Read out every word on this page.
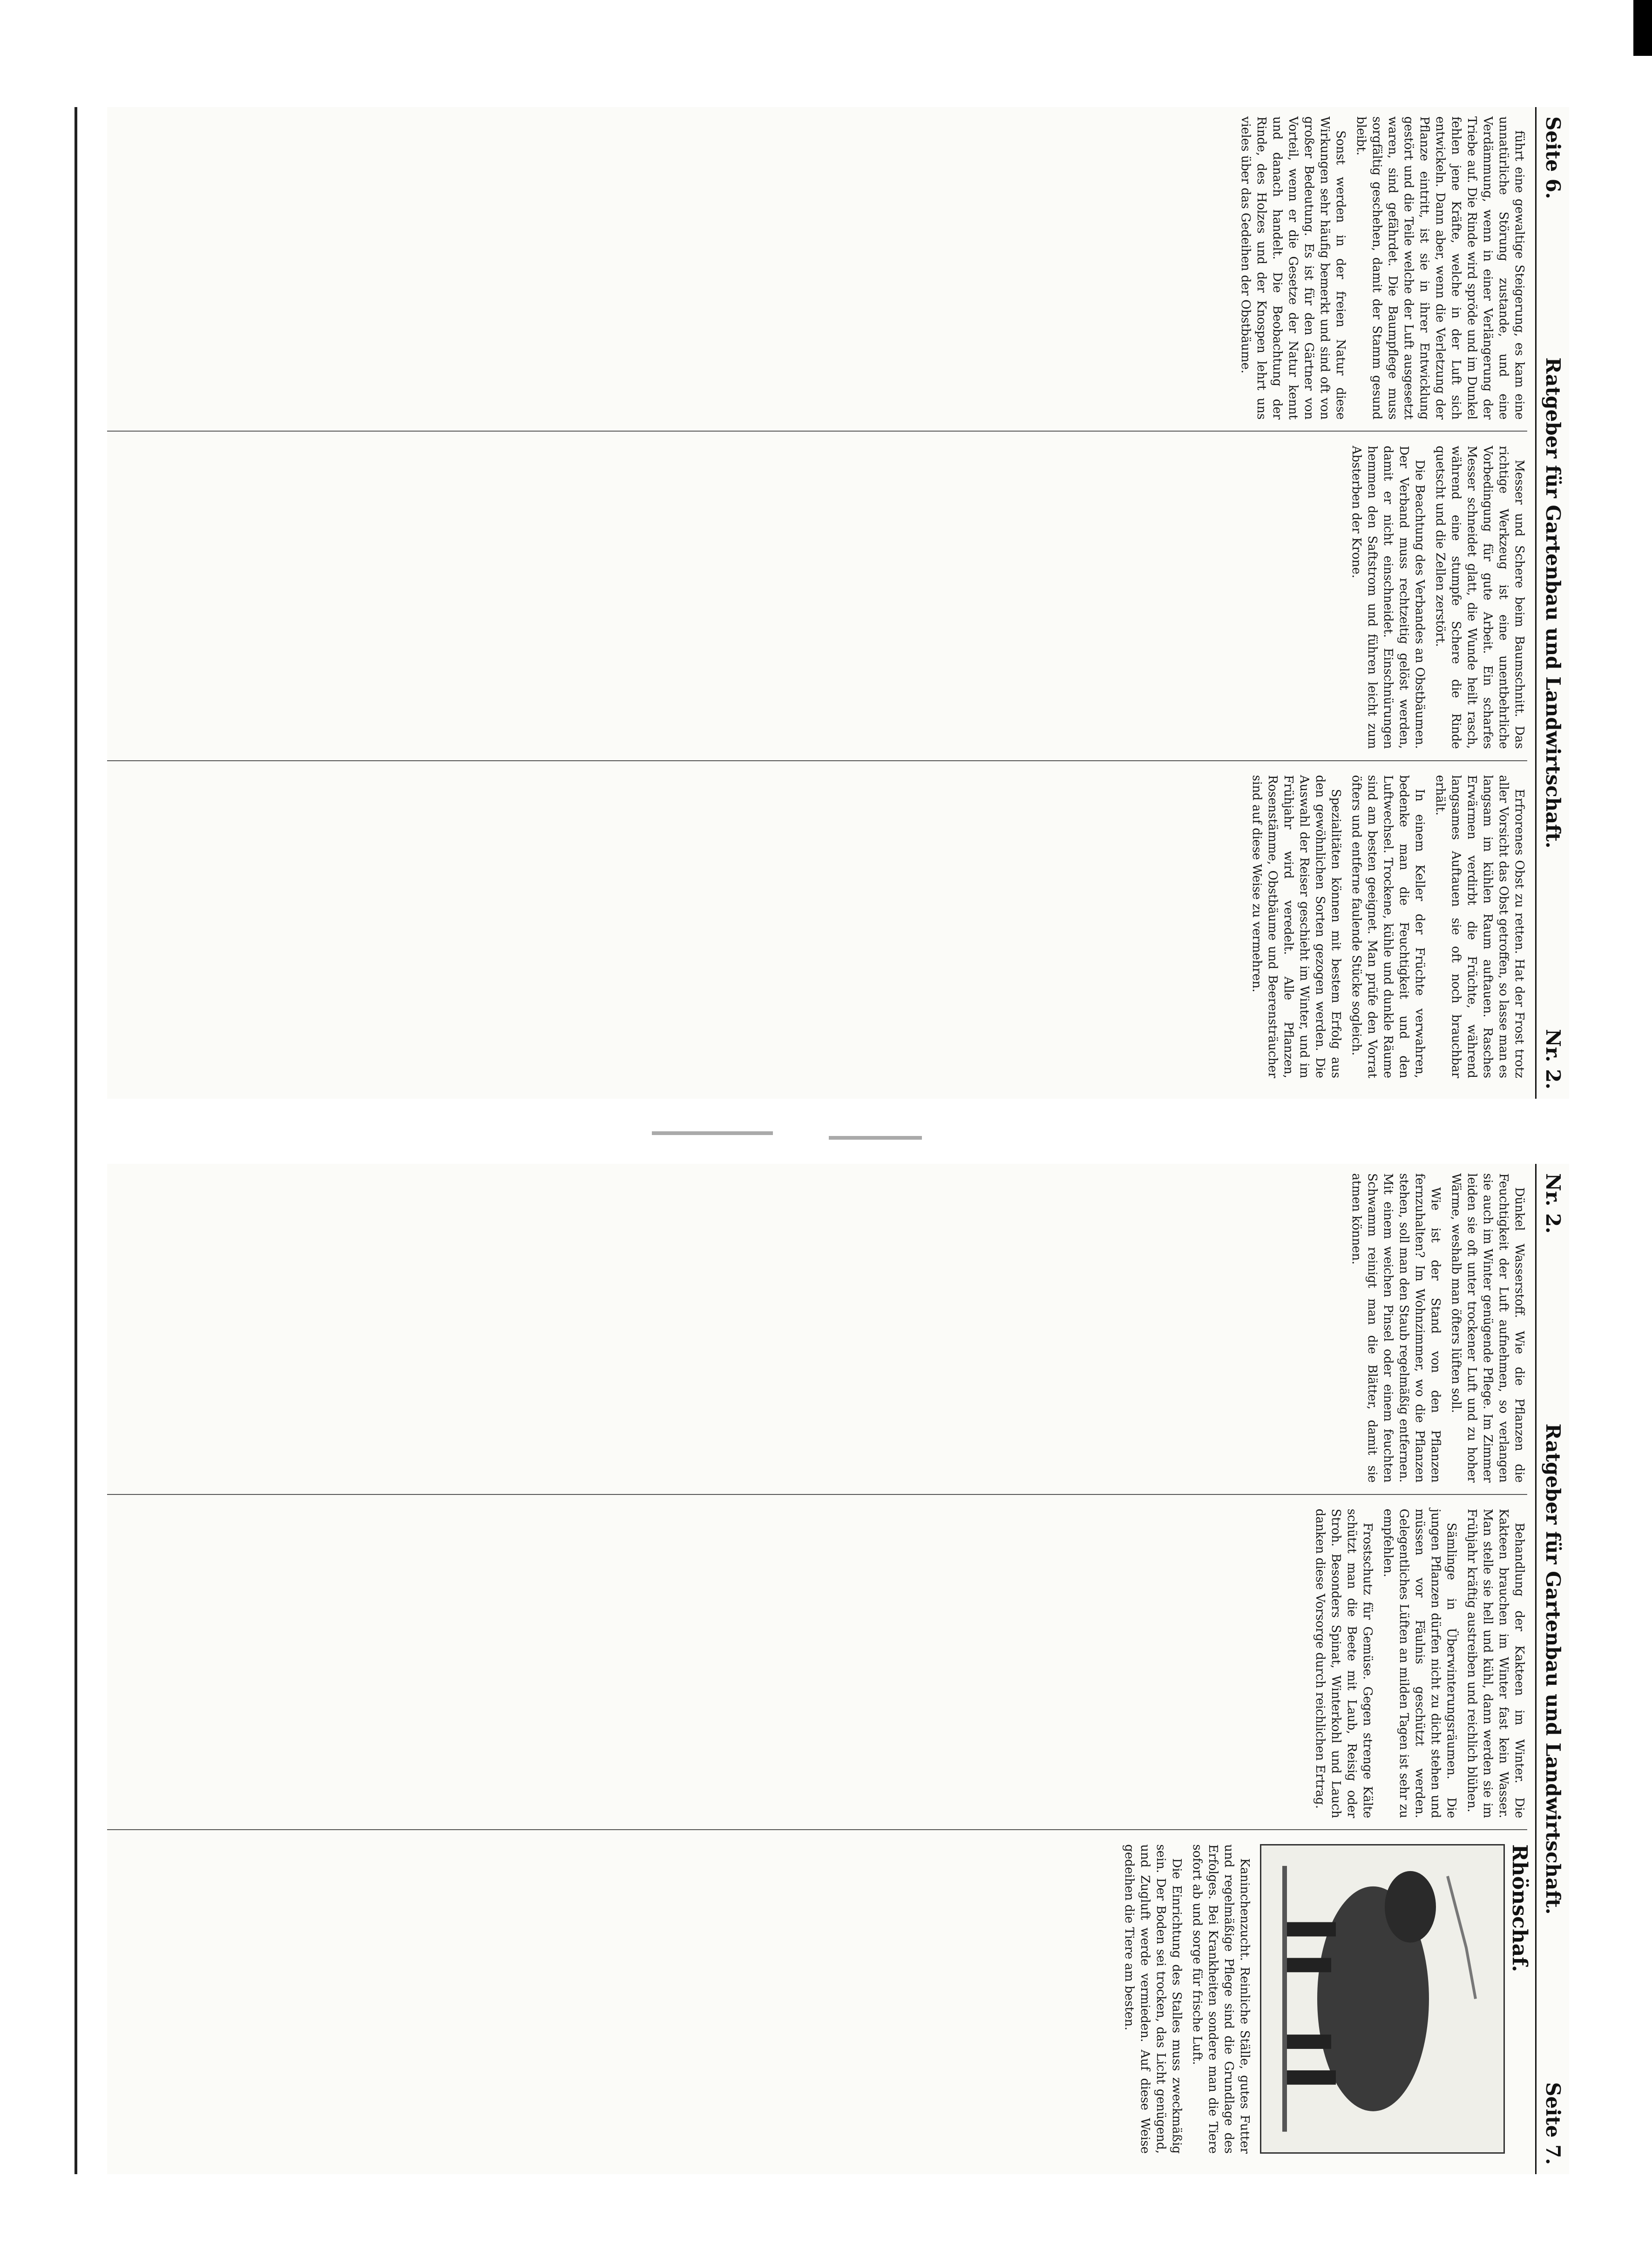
Seite 6.
Ratgeber für Gartenbau und Landwirtschaft.
Nr. 2.

führt eine gewaltige Steigerung, es kam eine unnatürliche Störung zustande, und eine Verdämmung, wenn in einer Verlängerung der Triebe auf. Die Rinde wird spröde und im Dunkel fehlen jene Kräfte, welche in der Luft sich entwickeln. Dann aber, wenn die Verletzung der Pflanze eintritt, ist sie in ihrer Entwicklung gestört und die Teile welche der Luft ausgesetzt waren, sind gefährdet. Die Baumpflege muss sorgfältig geschehen, damit der Stamm gesund bleibt.

Sonst werden in der freien Natur diese Wirkungen sehr häufig bemerkt und sind oft von großer Bedeutung. Es ist für den Gärtner von Vorteil, wenn er die Gesetze der Natur kennt und danach handelt. Die Beobachtung der Rinde, des Holzes und der Knospen lehrt uns vieles über das Gedeihen der Obstbäume.

Messer und Schere beim Baumschnitt. Das richtige Werkzeug ist eine unentbehrliche Vorbedingung für gute Arbeit. Ein scharfes Messer schneidet glatt, die Wunde heilt rasch, während eine stumpfe Schere die Rinde quetscht und die Zellen zerstört.

Die Beachtung des Verbandes an Obstbäumen. Der Verband muss rechtzeitig gelöst werden, damit er nicht einschneidet. Einschnürungen hemmen den Saftstrom und führen leicht zum Absterben der Krone.

Erfrorenes Obst zu retten. Hat der Frost trotz aller Vorsicht das Obst getroffen, so lasse man es langsam im kühlen Raum auftauen. Rasches Erwärmen verdirbt die Früchte, während langsames Auftauen sie oft noch brauchbar erhält.

In einem Keller der Früchte verwahren, bedenke man die Feuchtigkeit und den Luftwechsel. Trockene, kühle und dunkle Räume sind am besten geeignet. Man prüfe den Vorrat öfters und entferne faulende Stücke sogleich.

Spezialitäten können mit bestem Erfolg aus den gewöhnlichen Sorten gezogen werden. Die Auswahl der Reiser geschieht im Winter, und im Frühjahr wird veredelt. Alle Pflanzen, Rosenstämme, Obstbäume und Beerensträucher sind auf diese Weise zu vermehren.

Nr. 2.
Ratgeber für Gartenbau und Landwirtschaft.
Seite 7.

Dünkel Wasserstoff. Wie die Pflanzen die Feuchtigkeit der Luft aufnehmen, so verlangen sie auch im Winter genügende Pflege. Im Zimmer leiden sie oft unter trockener Luft und zu hoher Wärme, weshalb man öfters lüften soll.

Wie ist der Stand von den Pflanzen fernzuhalten? Im Wohnzimmer, wo die Pflanzen stehen, soll man den Staub regelmäßig entfernen. Mit einem weichen Pinsel oder einem feuchten Schwamm reinigt man die Blätter, damit sie atmen können.

Behandlung der Kakteen im Winter. Die Kakteen brauchen im Winter fast kein Wasser. Man stelle sie hell und kühl, dann werden sie im Frühjahr kräftig austreiben und reichlich blühen.

Sämlinge in Überwinterungsräumen. Die jungen Pflanzen dürfen nicht zu dicht stehen und müssen vor Fäulnis geschützt werden. Gelegentliches Lüften an milden Tagen ist sehr zu empfehlen.

Frostschutz für Gemüse. Gegen strenge Kälte schützt man die Beete mit Laub, Reisig oder Stroh. Besonders Spinat, Winterkohl und Lauch danken diese Vorsorge durch reichlichen Ertrag.

Rhönschaf.

Kaninchenzucht. Reinliche Ställe, gutes Futter und regelmäßige Pflege sind die Grundlage des Erfolges. Bei Krankheiten sondere man die Tiere sofort ab und sorge für frische Luft.

Die Einrichtung des Stalles muss zweckmäßig sein. Der Boden sei trocken, das Licht genügend, und Zugluft werde vermieden. Auf diese Weise gedeihen die Tiere am besten.
